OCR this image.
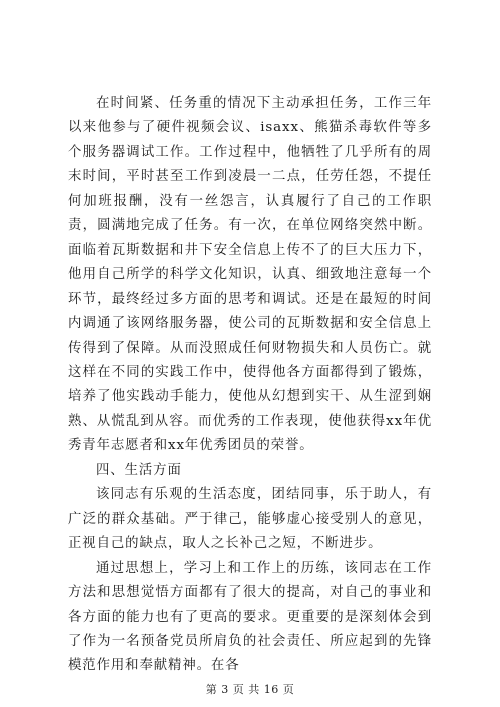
在时间紧、任务重的情况下主动承担任务，工作三年以来他参与了硬件视频会议、isaxx、熊猫杀毒软件等多个服务器调试工作。工作过程中，他牺牲了几乎所有的周末时间，平时甚至工作到凌晨一二点，任劳任怨，不提任何加班报酬，没有一丝怨言，认真履行了自己的工作职责，圆满地完成了任务。有一次，在单位网络突然中断。面临着瓦斯数据和井下安全信息上传不了的巨大压力下，他用自己所学的科学文化知识，认真、细致地注意每一个环节，最终经过多方面的思考和调试。还是在最短的时间内调通了该网络服务器，使公司的瓦斯数据和安全信息上传得到了保障。从而没照成任何财物损失和人员伤亡。就这样在不同的实践工作中，使得他各方面都得到了锻炼，培养了他实践动手能力，使他从幻想到实干、从生涩到娴熟、从慌乱到从容。而优秀的工作表现，使他获得xx年优秀青年志愿者和xx年优秀团员的荣誉。

四、生活方面

该同志有乐观的生活态度，团结同事，乐于助人，有广泛的群众基础。严于律己，能够虚心接受别人的意见，正视自己的缺点，取人之长补己之短，不断进步。

通过思想上，学习上和工作上的历练，该同志在工作方法和思想觉悟方面都有了很大的提高，对自己的事业和各方面的能力也有了更高的要求。更重要的是深刻体会到了作为一名预备党员所肩负的社会责任、所应起到的先锋模范作用和奉献精神。在各

第 3 页 共 16 页
